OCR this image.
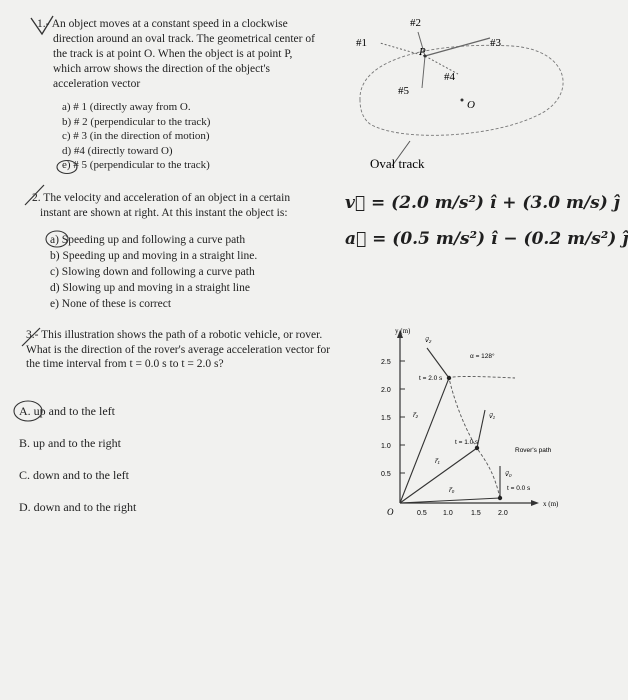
1.- An object moves at a constant speed in a clockwise
direction around an oval track. The geometrical center of
the track is at point O. When the object is at point P,
which arrow shows the direction of the object's
acceleration vector
a) # 1 (directly away from O.
b) # 2 (perpendicular to the track)
c) # 3 (in the direction of motion)
d) #4 (directly toward O)
e) # 5 (perpendicular to the track)
#1
#2
#3
#4
#5
P
O
Oval track
2. The velocity and acceleration of an object in a certain
instant are shown at right. At this instant the object is:
a) Speeding up and following a curve path
b) Speeding up and moving in a straight line.
c) Slowing down and following a curve path
d) Slowing up and moving in a straight line
e) None of these is correct
v⃗ = (2.0 m/s²) î + (3.0 m/s) ĵ
a⃗ = (0.5 m/s²) î − (0.2 m/s²) ĵ
3.- This illustration shows the path of a robotic vehicle, or rover.
What is the direction of the rover's average acceleration vector for
the time interval from t = 0.0 s to t = 2.0 s?
A. up and to the left
B. up and to the right
C. down and to the left
D. down and to the right
y (m)
x (m)
O
2.5
2.0
1.5
1.0
0.5
0.5 1.0	1.5 2.0
α = 128°
t = 2.0 s
t = 1.0 s
t = 0.0 s
Rover's path
v⃗₂
r⃗₂	v⃗₁
r⃗₁
r⃗₀
v⃗₀
